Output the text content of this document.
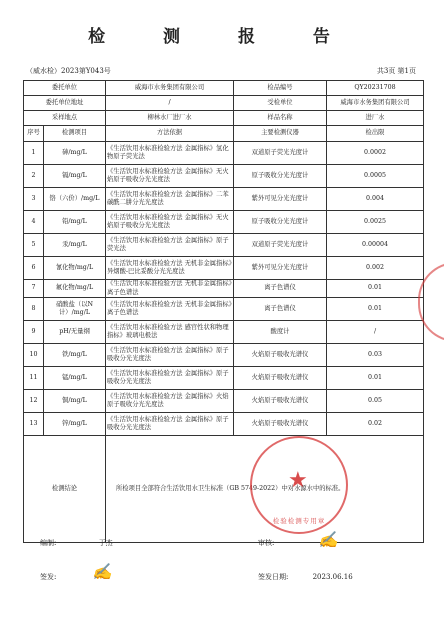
检 测 报 告
（威水检）2023第Y043号	共3页 第1页
委托单位		威海市水务集团有限公司	检品编号	QY20231708
委托单位地址		/	受检单位	威海市水务集团有限公司
采样地点		柳林水厂进厂水	样品名称	进厂水
序号	检测项目	方法依据	主要检测仪器	检出限
1	砷/mg/L	《生活饮用水标准检验方法 金属指标》氢化物原子荧光法	双道原子荧光光度计	0.0002
2	镉/mg/L	《生活饮用水标准检验方法 金属指标》无火焰原子吸收分光光度法	原子吸收分光光度计	0.0005
3	铬（六价）/mg/L	《生活饮用水标准检验方法 金属指标》二苯碳酰二肼分光光度法	紫外可见分光光度计	0.004
4	铅/mg/L	《生活饮用水标准检验方法 金属指标》无火焰原子吸收分光光度法	原子吸收分光光度计	0.0025
5	汞/mg/L	《生活饮用水标准检验方法 金属指标》原子荧光法	双道原子荧光光度计	0.00004
6	氰化物/mg/L	《生活饮用水标准检验方法 无机非金属指标》异烟酸-巴比妥酸分光光度法	紫外可见分光光度计	0.002
7	氟化物/mg/L	《生活饮用水标准检验方法 无机非金属指标》离子色谱法	离子色谱仪	0.01
8	硝酸盐（以N计）/mg/L	《生活饮用水标准检验方法 无机非金属指标》离子色谱法	离子色谱仪	0.01
9	pH/无量纲	《生活饮用水标准检验方法 感官性状和物理指标》玻璃电极法	酸度计	/
10	铁/mg/L	《生活饮用水标准检验方法 金属指标》原子吸收分光光度法	火焰原子吸收光谱仪	0.03
11	锰/mg/L	《生活饮用水标准检验方法 金属指标》原子吸收分光光度法	火焰原子吸收光谱仪	0.01
12	铜/mg/L	《生活饮用水标准检验方法 金属指标》火焰原子吸收分光光度法	火焰原子吸收光谱仪	0.05
13	锌/mg/L	《生活饮用水标准检验方法 金属指标》原子吸收分光光度法	火焰原子吸收光谱仪	0.02
检测结论		所检项目全部符合生活饮用水卫生标准（GB 5749-2022）中对水源水中的标准。		
编制:	于杰	审核:	✍
签发: ✍	签发日期:	2023.06.16
★
检验检测专用章
